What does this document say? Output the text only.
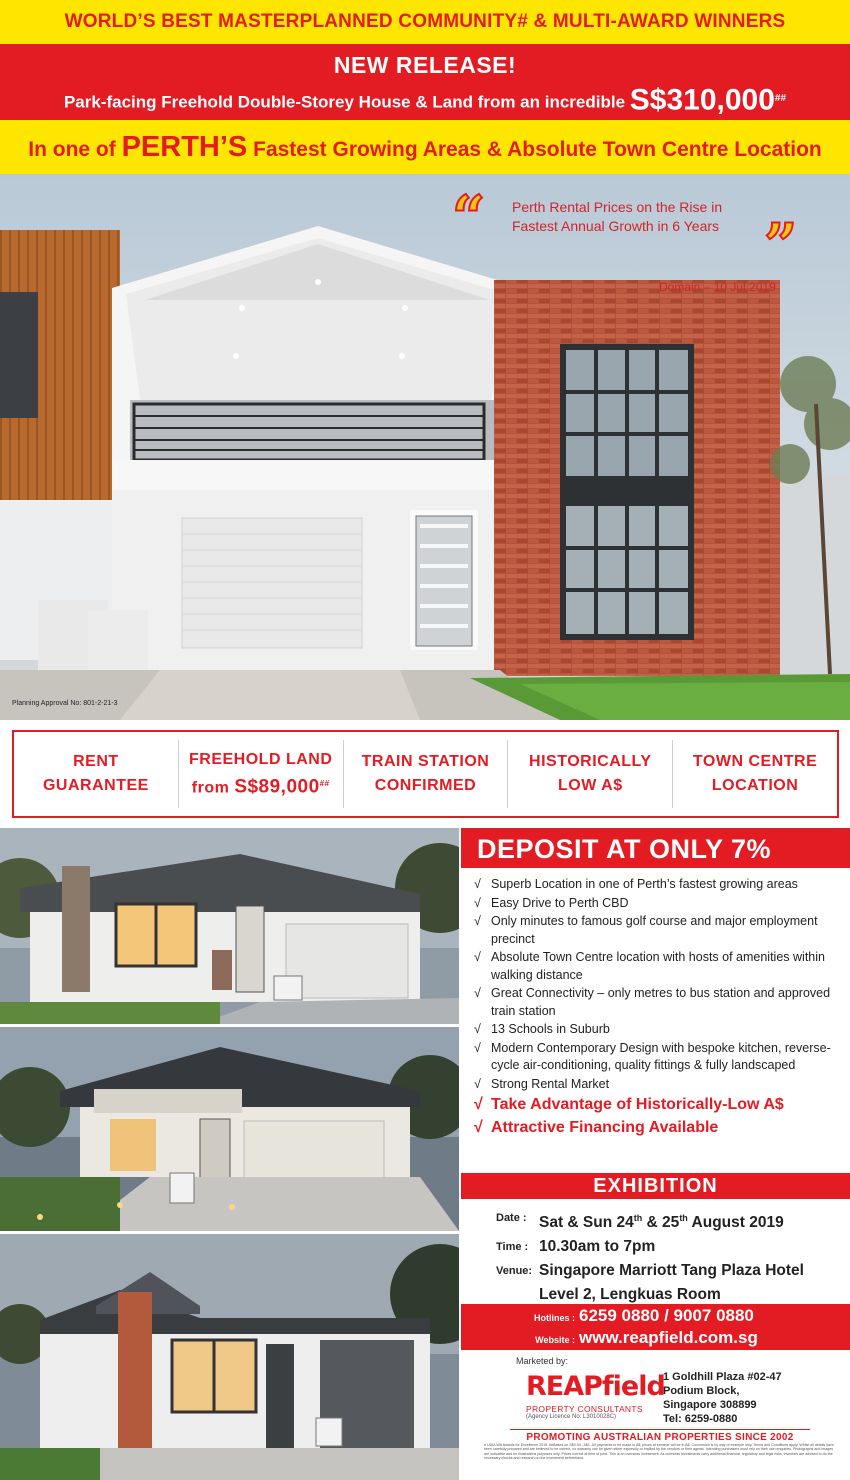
WORLD’S BEST MASTERPLANNED COMMUNITY# & MULTI-AWARD WINNERS
NEW RELEASE!
Park-facing Freehold Double-Storey House & Land from an incredible S$310,000##
In one of PERTH’S Fastest Growing Areas & Absolute Town Centre Location
“ Perth Rental Prices on the Rise in
Fastest Annual Growth in 6 Years ”
Domain – 10 Jul 2019
Planning Approval No: 801-2-21-3
RENT
GUARANTEE
FREEHOLD LAND
from S$89,000##
TRAIN STATION
CONFIRMED
HISTORICALLY
LOW A$
TOWN CENTRE
LOCATION
DEPOSIT AT ONLY 7%
√ Superb Location in one of Perth’s fastest growing areas
√ Easy Drive to Perth CBD
√ Only minutes to famous golf course and major employment precinct
√ Absolute Town Centre location with hosts of amenities within walking distance
√ Great Connectivity – only metres to bus station and approved train station
√ 13 Schools in Suburb
√ Modern Contemporary Design with bespoke kitchen, reverse-cycle air-conditioning, quality fittings & fully landscaped
√ Strong Rental Market
√ Take Advantage of Historically-Low A$
√ Attractive Financing Available
EXHIBITION
Date : Sat & Sun 24th & 25th August 2019
Time : 10.30am to 7pm
Venue: Singapore Marriott Tang Plaza Hotel
Level 2, Lengkuas Room
Hotlines : 6259 0880 / 9007 0880
Website : www.reapfield.com.sg
Marketed by:
REAPfield
PROPERTY CONSULTANTS
(Agency Licence No: L3010028C)
1 Goldhill Plaza #02-47
Podium Block,
Singapore 308899
Tel: 6259-0880
PROMOTING AUSTRALIAN PROPERTIES SINCE 2002
# UDIA WA Awards for Excellence 2015. ##Based on S$0.94 : A$1. All payments to be made in A$, prices at seminar will be in A$. Conversion is by way of example only. Terms and Conditions apply. Whilst all details have been carefully prepared and are believed to be correct, no warranty can be given either expressly or implied by the vendors or their agents. Intending purchasers must rely on their own enquiries. Photographs and images are indicative and for illustrations purposes only. Prices correct at time of print. This is an overseas investment. As overseas investments carry additional financial, regulatory and legal risks, investors are advised to do the necessary checks and research on the investment beforehand.
